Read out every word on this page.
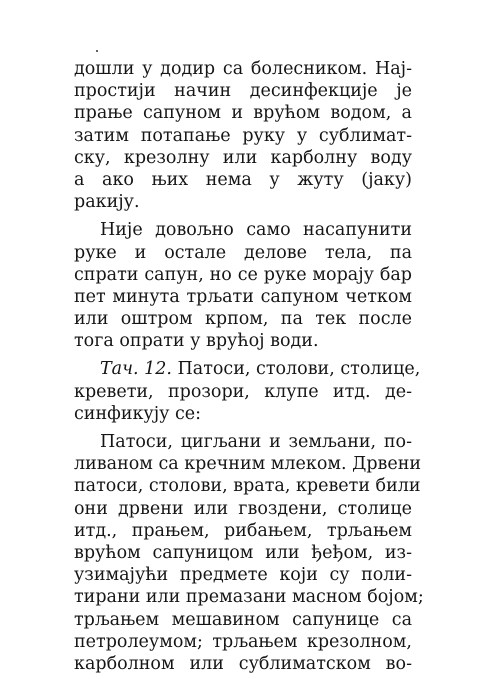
дошли у додир са болесником. Нај-
простији начин десинфекције је
прање сапуном и врућом водом, а
затим потапање руку у сублимат-
ску, крезолну или карболну воду
а ако њих нема у жуту (јаку)
ракију.
Није довољно само насапунити
руке и остале делове тела, па
спрати сапун, но се руке морају бар
пет минута трљати сапуном четком
или оштром крпом, па тек после
тога опрати у врућој води.
Тач. 12. Патоси, столови, столице,
кревети, прозори, клупе итд. де-
синфикују се:
Патоси, цигљани и земљани, по-
ливаном са кречним млеком. Дрвени
патоси, столови, врата, кревети били
они дрвени или гвоздени, столице
итд., прањем, рибањем, трљањем
врућом сапуницом или ђеђом, из-
узимајући предмете који су поли-
тирани или премазани масном бојом;
трљањем мешавином сапунице са
петролеумом; трљањем крезолном,
карболном или сублиматском во-
